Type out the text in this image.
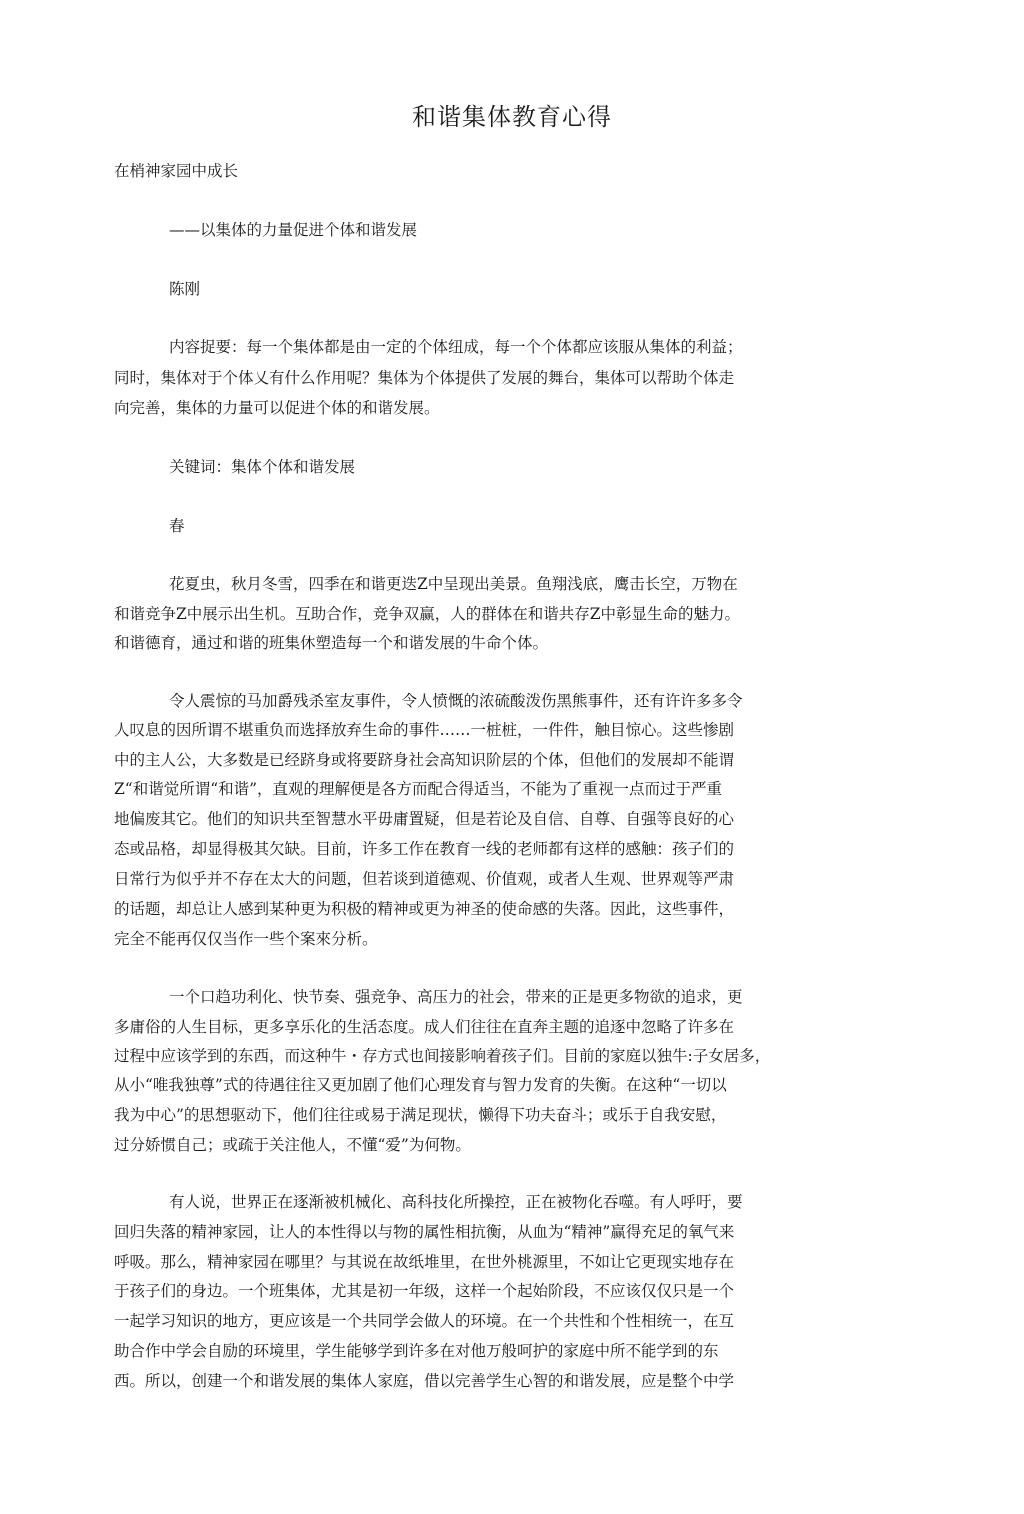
和谐集体教育心得
在梢神家园中成长
——以集体的力量促进个体和谐发展
陈刚
内容捉要：每一个集体都是由一定的个体纽成，每一个个体都应该服从集体的利益；
同时，集体对于个体乂有什么作用呢？集体为个体提供了发展的舞台，集体可以帮助个体走
向完善，集体的力量可以促进个体的和谐发展。
关键词：集体个体和谐发展
春
花夏虫，秋月冬雪，四季在和谐更迭Z中呈现出美景。鱼翔浅底，鹰击长空，万物在
和谐竞争Z中展示出生机。互助合作，竞争双赢，人的群体在和谐共存Z中彰显生命的魅力。
和谐德育，通过和谐的班集休塑造每一个和谐发展的牛命个体。
令人震惊的马加爵残杀室友事件，令人愤慨的浓硫酸泼伤黑熊事件，还有许许多多令
人叹息的因所谓不堪重负而选择放弃生命的事件……一桩桩，一件件，触目惊心。这些惨剧
中的主人公，大多数是已经跻身或将要跻身社会高知识阶层的个体，但他们的发展却不能谓
Z“和谐觉所谓“和谐”，直观的理解便是各方而配合得适当，不能为了重视一点而过于严重
地偏废其它。他们的知识共至智慧水平毋庸置疑，但是若论及自信、自尊、自强等良好的心
态或品格，却显得极其欠缺。目前，许多工作在教育一线的老师都有这样的感触：孩子们的
日常行为似乎并不存在太大的问题，但若谈到道德观、价值观，或者人生观、世界观等严肃
的话题，却总让人感到某种更为积极的精神或更为神圣的使命感的失落。因此，这些事件，
完全不能再仅仅当作一些个案來分析。
一个口趋功利化、快节奏、强竞争、高压力的社会，带来的正是更多物欲的追求，更
多庸俗的人生目标，更多享乐化的生活态度。成人们往往在直奔主题的追逐中忽略了许多在
过程中应该学到的东西，而这种牛・存方式也间接影响着孩子们。目前的家庭以独牛:子女居多，
从小“唯我独尊”式的待遇往往又更加剧了他们心理发育与智力发育的失衡。在这种“一切以
我为中心”的思想驱动下，他们往往或易于满足现状，懒得下功夫奋斗；或乐于自我安慰，
过分娇惯自己；或疏于关注他人，不懂“爱”为何物。
有人说，世界正在逐渐被机械化、高科技化所操控，正在被物化吞噬。有人呼吁，要
回归失落的精神家园，让人的本性得以与物的属性相抗衡，从血为“精神”赢得充足的氧气来
呼吸。那么，精神家园在哪里？与其说在故纸堆里，在世外桃源里，不如让它更现实地存在
于孩子们的身边。一个班集体，尤其是初一年级，这样一个起始阶段，不应该仅仅只是一个
一起学习知识的地方，更应该是一个共同学会做人的环境。在一个共性和个性相统一，在互
助合作中学会自励的环境里，学生能够学到许多在对他万般呵护的家庭中所不能学到的东
西。所以，创建一个和谐发展的集体人家庭，借以完善学生心智的和谐发展，应是整个中学
